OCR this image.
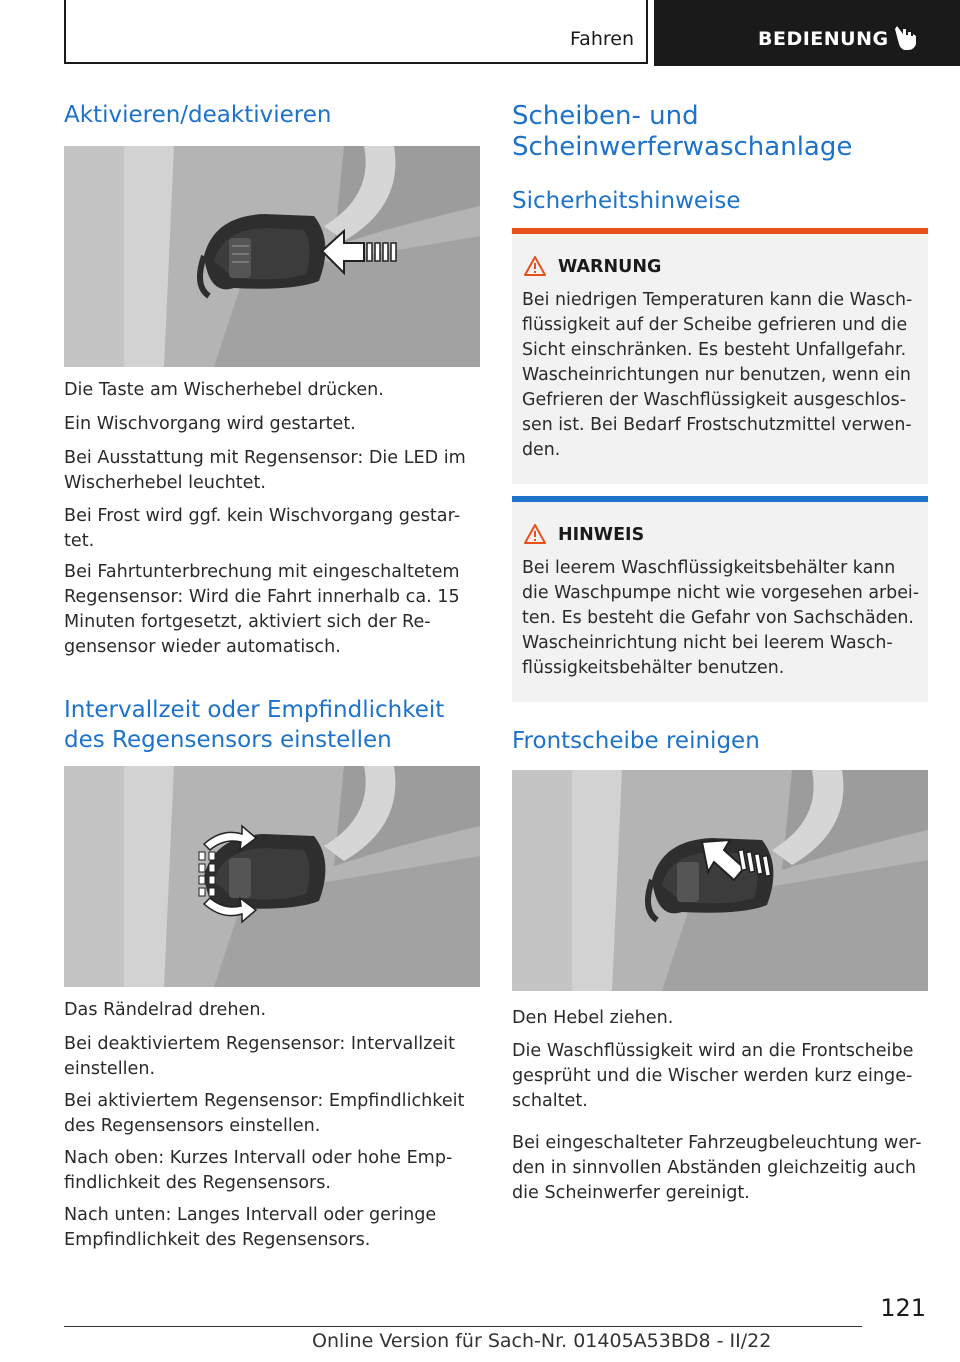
Fahren	BEDIENUNG
Aktivieren/deaktivieren

Die Taste am Wischerhebel drücken.

Ein Wischvorgang wird gestartet.

Bei Ausstattung mit Regensensor: Die LED im Wischerhebel leuchtet.

Bei Frost wird ggf. kein Wischvorgang gestar-tet.

Bei Fahrtunterbrechung mit eingeschaltetem Regensensor: Wird die Fahrt innerhalb ca. 15 Minuten fortgesetzt, aktiviert sich der Re-gensensor wieder automatisch.

Intervallzeit oder Empfindlichkeit des Regensensors einstellen

Das Rändelrad drehen.

Bei deaktiviertem Regensensor: Intervallzeit einstellen.

Bei aktiviertem Regensensor: Empfindlichkeit des Regensensors einstellen.

Nach oben: Kurzes Intervall oder hohe Emp-findlichkeit des Regensensors.

Nach unten: Langes Intervall oder geringe Empfindlichkeit des Regensensors.

Scheiben- und Scheinwerferwaschanlage
Sicherheitshinweise
WARNUNG

Bei niedrigen Temperaturen kann die Wasch-flüssigkeit auf der Scheibe gefrieren und die Sicht einschränken. Es besteht Unfallgefahr. Wascheinrichtungen nur benutzen, wenn ein Gefrieren der Waschflüssigkeit ausgeschlos-sen ist. Bei Bedarf Frostschutzmittel verwen-den.

HINWEIS

Bei leerem Waschflüssigkeitsbehälter kann die Waschpumpe nicht wie vorgesehen arbei-ten. Es besteht die Gefahr von Sachschäden. Wascheinrichtung nicht bei leerem Wasch-flüssigkeitsbehälter benutzen.

Frontscheibe reinigen

Den Hebel ziehen.

Die Waschflüssigkeit wird an die Frontscheibe gesprüht und die Wischer werden kurz einge-schaltet.

Bei eingeschalteter Fahrzeugbeleuchtung wer-den in sinnvollen Abständen gleichzeitig auch die Scheinwerfer gereinigt.

121
Online Version für Sach-Nr. 01405A53BD8 - II/22
